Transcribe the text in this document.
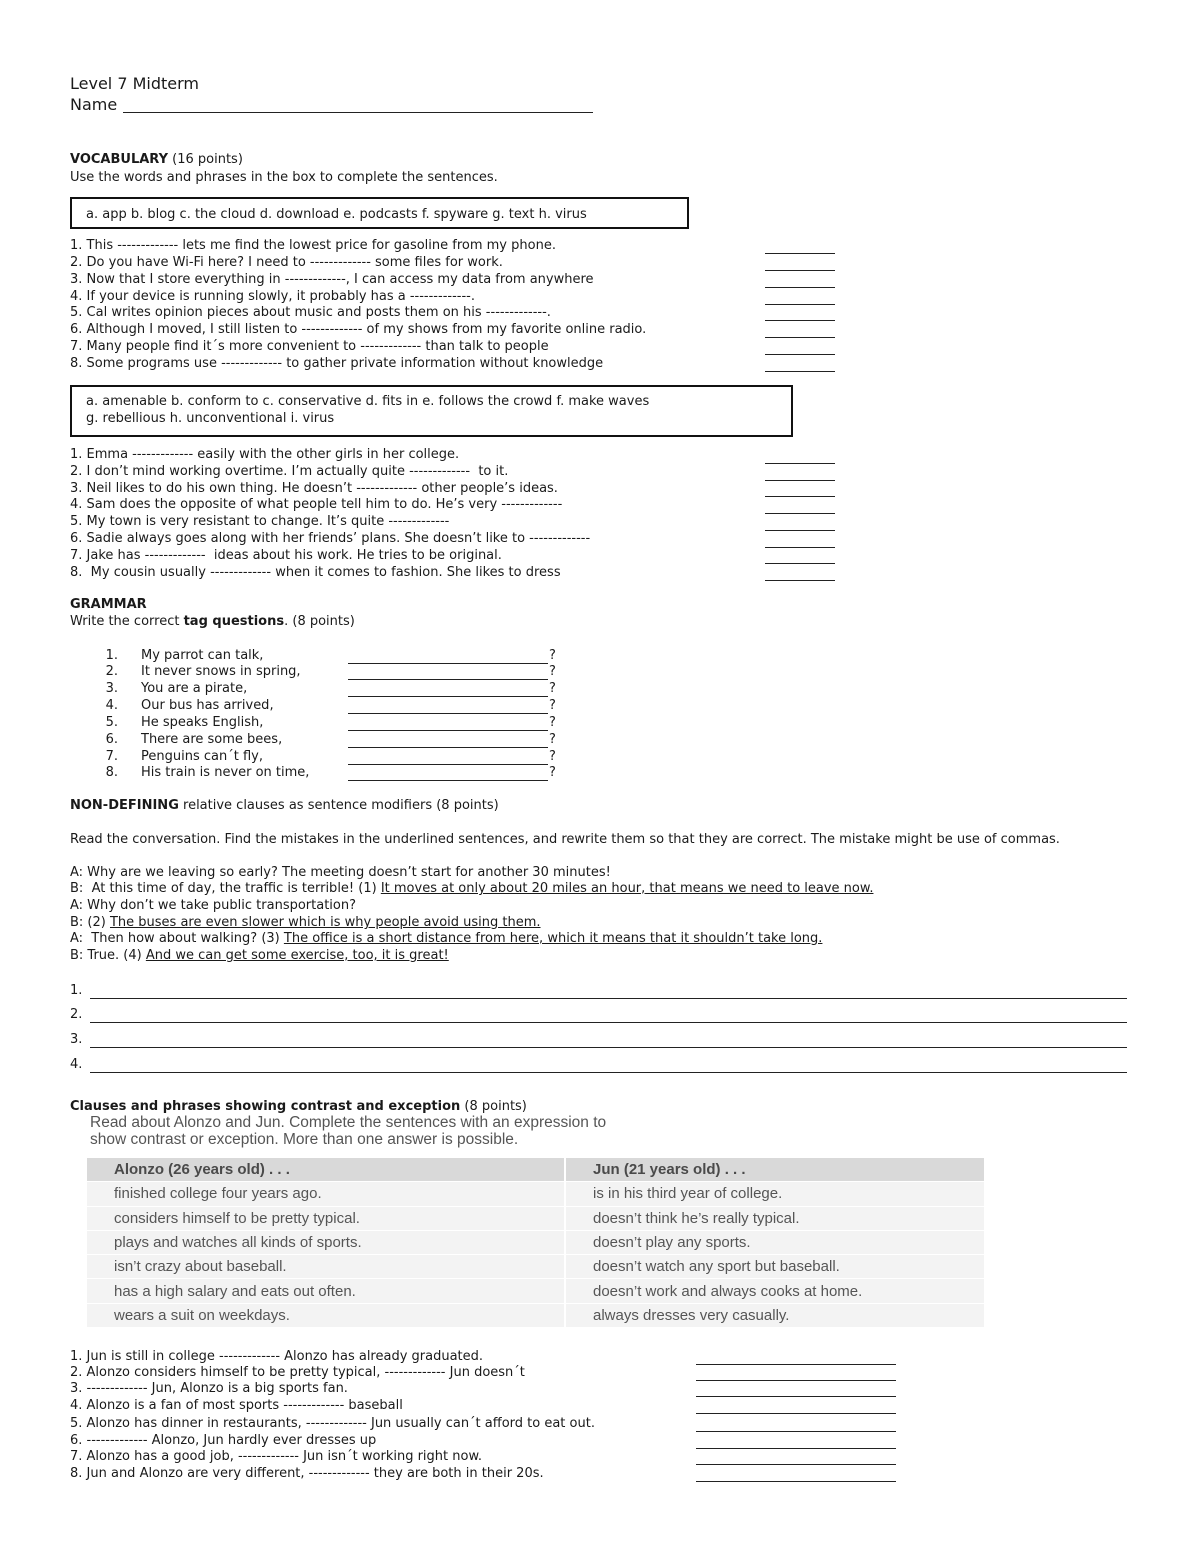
Level 7 Midterm
Name
VOCABULARY (16 points)
Use the words and phrases in the box to complete the sentences.
a. app b. blog c. the cloud d. download e. podcasts f. spyware g. text h. virus
1. This ------------- lets me find the lowest price for gasoline from my phone.
2. Do you have Wi-Fi here? I need to ------------- some files for work.
3. Now that I store everything in -------------, I can access my data from anywhere
4. If your device is running slowly, it probably has a -------------.
5. Cal writes opinion pieces about music and posts them on his -------------.
6. Although I moved, I still listen to ------------- of my shows from my favorite online radio.
7. Many people find it´s more convenient to ------------- than talk to people
8. Some programs use ------------- to gather private information without knowledge
a. amenable b. conform to c. conservative d. fits in e. follows the crowd f. make waves
g. rebellious h. unconventional i. virus
1. Emma ------------- easily with the other girls in her college.
2. I don’t mind working overtime. I’m actually quite -------------  to it.
3. Neil likes to do his own thing. He doesn’t ------------- other people’s ideas.
4. Sam does the opposite of what people tell him to do. He’s very -------------
5. My town is very resistant to change. It’s quite -------------
6. Sadie always goes along with her friends’ plans. She doesn’t like to -------------
7. Jake has -------------  ideas about his work. He tries to be original.
8.  My cousin usually ------------- when it comes to fashion. She likes to dress
GRAMMAR
Write the correct tag questions. (8 points)
1. My parrot can talk,	?
2. It never snows in spring,	?
3. You are a pirate,	?
4. Our bus has arrived,	?
5. He speaks English,	?
6. There are some bees,	?
7. Penguins can´t fly,	?
8. His train is never on time,	?
NON-DEFINING relative clauses as sentence modifiers (8 points)
Read the conversation. Find the mistakes in the underlined sentences, and rewrite them so that they are correct. The mistake might be use of commas.
A: Why are we leaving so early? The meeting doesn’t start for another 30 minutes!
B:  At this time of day, the traffic is terrible! (1) It moves at only about 20 miles an hour, that means we need to leave now.
A: Why don’t we take public transportation?
B: (2) The buses are even slower which is why people avoid using them.
A:  Then how about walking? (3) The office is a short distance from here, which it means that it shouldn’t take long.
B: True. (4) And we can get some exercise, too, it is great!
1.
2.
3.
4.
Clauses and phrases showing contrast and exception (8 points)
Read about Alonzo and Jun. Complete the sentences with an expression to
show contrast or exception. More than one answer is possible.
Alonzo (26 years old) . . .	Jun (21 years old) . . .
finished college four years ago.	is in his third year of college.
considers himself to be pretty typical.	doesn’t think he’s really typical.
plays and watches all kinds of sports.	doesn’t play any sports.
isn’t crazy about baseball.	doesn’t watch any sport but baseball.
has a high salary and eats out often.	doesn’t work and always cooks at home.
wears a suit on weekdays.	always dresses very casually.
1. Jun is still in college ------------- Alonzo has already graduated.
2. Alonzo considers himself to be pretty typical, ------------- Jun doesn´t
3. ------------- Jun, Alonzo is a big sports fan.
4. Alonzo is a fan of most sports ------------- baseball
5. Alonzo has dinner in restaurants, ------------- Jun usually can´t afford to eat out.
6. ------------- Alonzo, Jun hardly ever dresses up
7. Alonzo has a good job, ------------- Jun isn´t working right now.
8. Jun and Alonzo are very different, ------------- they are both in their 20s.
